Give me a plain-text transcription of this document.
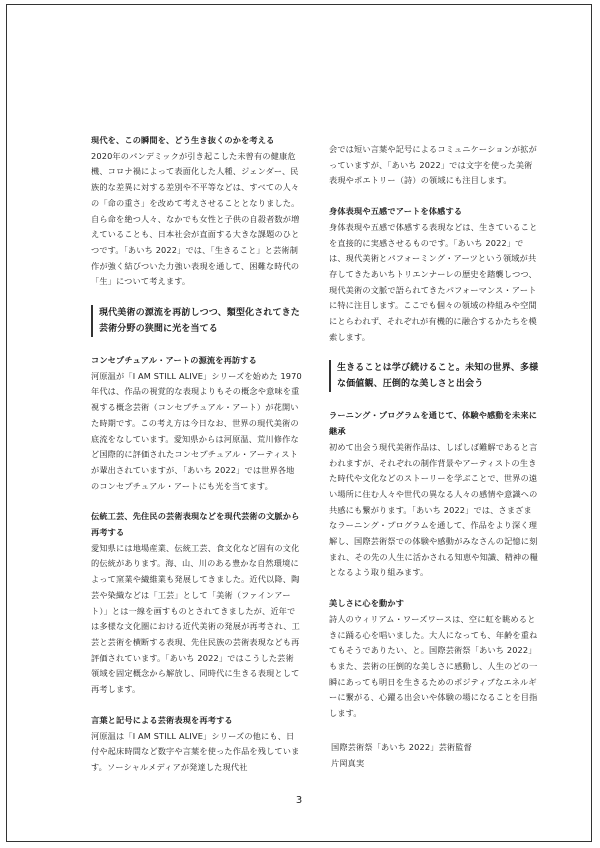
現代を、この瞬間を、どう生き抜くのかを考える

2020年のパンデミックが引き起こした未曾有の健康危機、コロナ禍によって表面化した人種、ジェンダー、民族的な差異に対する差別や不平等などは、すべての人々の「命の重さ」を改めて考えさせることとなりました。自ら命を絶つ人々、なかでも女性と子供の自殺者数が増えていることも、日本社会が直面する大きな課題のひとつです。「あいち 2022」では、「生きること」と芸術制作が強く結びついた力強い表現を通して、困難な時代の「生」について考えます。

現代美術の源流を再訪しつつ、類型化されてきた芸術分野の狭間に光を当てる

コンセプチュアル・アートの源流を再訪する

河原温が「I AM STILL ALIVE」シリーズを始めた 1970 年代は、作品の視覚的な表現よりもその概念や意味を重視する概念芸術（コンセプチュアル・アート）が花開いた時期です。この考え方は今日なお、世界の現代美術の底流をなしています。愛知県からは河原温、荒川修作など国際的に評価されたコンセプチュアル・アーティストが輩出されていますが、「あいち 2022」では世界各地のコンセプチュアル・アートにも光を当てます。

伝統工芸、先住民の芸術表現などを現代芸術の文脈から再考する

愛知県には地場産業、伝統工芸、食文化など固有の文化的伝統があります。海、山、川のある豊かな自然環境によって窯業や繊維業も発展してきました。近代以降、陶芸や染織などは「工芸」として「美術（ファインアート）」とは一線を画すものとされてきましたが、近年では多様な文化圏における近代美術の発展が再考され、工芸と芸術を横断する表現、先住民族の芸術表現なども再評価されています。「あいち 2022」ではこうした芸術領域を固定概念から解放し、同時代に生きる表現として再考します。

言葉と記号による芸術表現を再考する

河原温は「I AM STILL ALIVE」シリーズの他にも、日付や起床時間など数字や言葉を使った作品を残しています。ソーシャルメディアが発達した現代社

会では短い言葉や記号によるコミュニケーションが拡がっていますが、「あいち 2022」では文字を使った美術表現やポエトリー（詩）の領域にも注目します。

身体表現や五感でアートを体感する

身体表現や五感で体感する表現などは、生きていることを直接的に実感させるものです。「あいち 2022」では、現代美術とパフォーミング・アーツという領域が共存してきたあいちトリエンナーレの歴史を踏襲しつつ、現代美術の文脈で語られてきたパフォーマンス・アートに特に注目します。ここでも個々の領域の枠組みや空間にとらわれず、それぞれが有機的に融合するかたちを模索します。

生きることは学び続けること。未知の世界、多様な価値観、圧倒的な美しさと出会う

ラーニング・プログラムを通じて、体験や感動を未来に継承

初めて出会う現代美術作品は、しばしば難解であると言われますが、それぞれの制作背景やアーティストの生きた時代や文化などのストーリーを学ぶことで、世界の遠い場所に住む人々や世代の異なる人々の感情や意識への共感にも繋がります。「あいち 2022」では、さまざまなラーニング・プログラムを通して、作品をより深く理解し、国際芸術祭での体験や感動がみなさんの記憶に刻まれ、その先の人生に活かされる知恵や知識、精神の糧となるよう取り組みます。

美しさに心を動かす

詩人のウィリアム・ワーズワースは、空に虹を眺めるときに踊る心を唱いました。大人になっても、年齢を重ねてもそうでありたい、と。国際芸術祭「あいち 2022」もまた、芸術の圧倒的な美しさに感動し、人生のどの一瞬にあっても明日を生きるためのポジティブなエネルギーに繋がる、心躍る出会いや体験の場になることを目指します。

国際芸術祭「あいち 2022」芸術監督

片岡真実

3
